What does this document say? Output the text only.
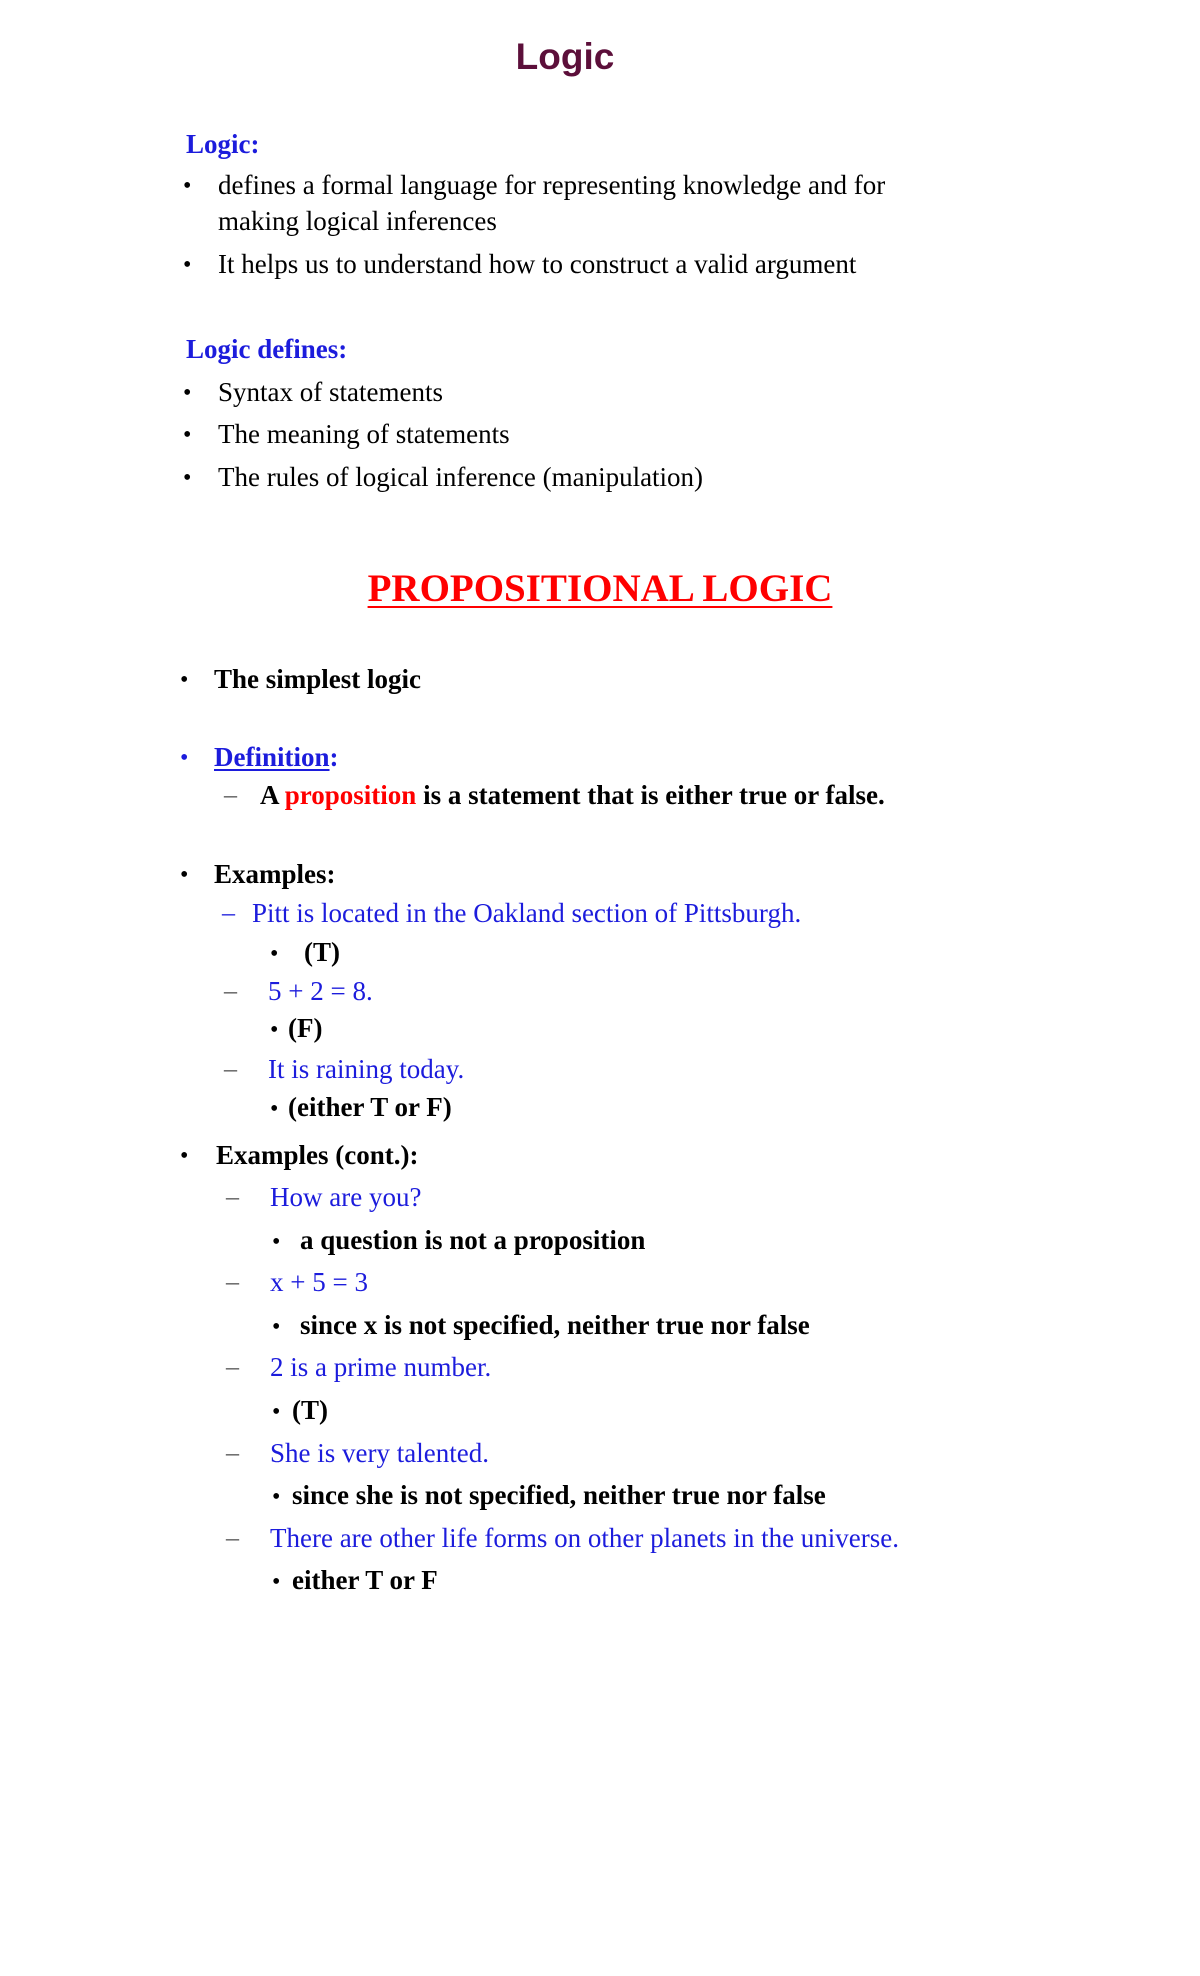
Logic
Logic:
• defines a formal language for representing knowledge and for
making logical inferences
• It helps us to understand how to construct a valid argument
Logic defines:
• Syntax of statements
• The meaning of statements
• The rules of logical inference (manipulation)
PROPOSITIONAL LOGIC
• The simplest logic
• Definition:
– A proposition is a statement that is either true or false.
• Examples:
– Pitt is located in the Oakland section of Pittsburgh.
• (T)
– 5 + 2 = 8.
• (F)
– It is raining today.
• (either T or F)
• Examples (cont.):
– How are you?
• a question is not a proposition
– x + 5 = 3
• since x is not specified, neither true nor false
– 2 is a prime number.
• (T)
– She is very talented.
• since she is not specified, neither true nor false
– There are other life forms on other planets in the universe.
• either T or F
